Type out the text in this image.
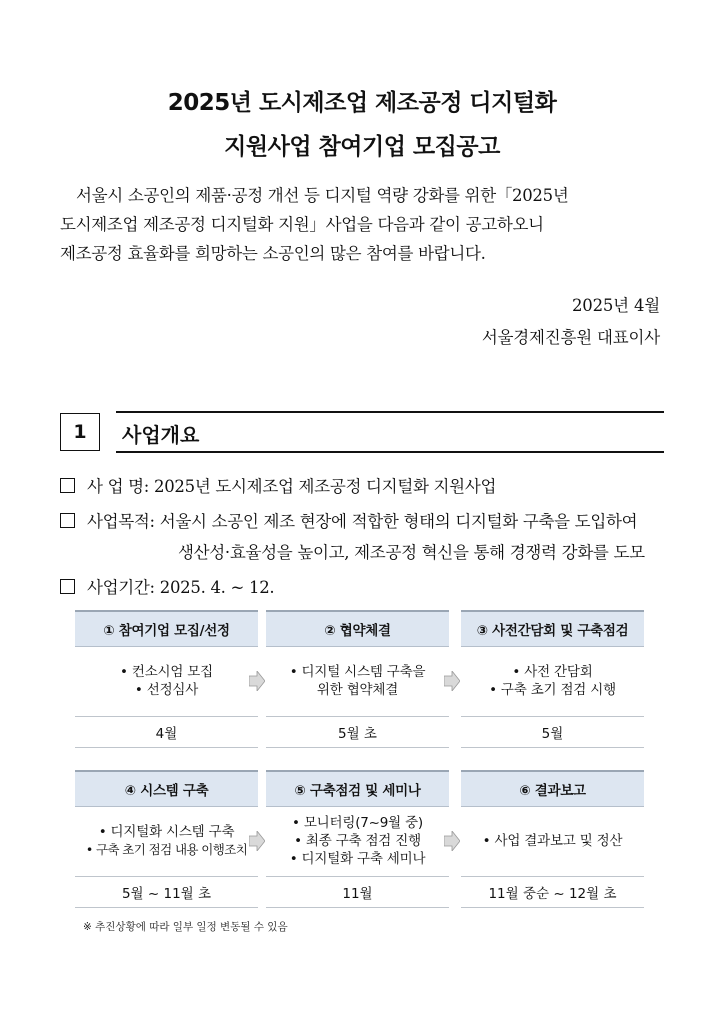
2025년 도시제조업 제조공정 디지털화
지원사업 참여기업 모집공고
서울시 소공인의 제품·공정 개선 등 디지털 역량 강화를 위한「2025년
도시제조업 제조공정 디지털화 지원」사업을 다음과 같이 공고하오니
제조공정 효율화를 희망하는 소공인의 많은 참여를 바랍니다.
2025년 4월
서울경제진흥원 대표이사
1	사업개요
사 업 명: 2025년 도시제조업 제조공정 디지털화 지원사업
사업목적: 서울시 소공인 제조 현장에 적합한 형태의 디지털화 구축을 도입하여
생산성·효율성을 높이고, 제조공정 혁신을 통해 경쟁력 강화를 도모
사업기간: 2025. 4. ~ 12.
① 참여기업 모집/선정
• 컨소시엄 모집
• 선정심사
4월
② 협약체결
• 디지털 시스템 구축을
위한 협약체결
5월 초
③ 사전간담회 및 구축점검
• 사전 간담회
• 구축 초기 점검 시행
5월
④ 시스템 구축
• 디지털화 시스템 구축
• 구축 초기 점검 내용 이행조치
5월 ~ 11월 초
⑤ 구축점검 및 세미나
• 모니터링(7~9월 중)
• 최종 구축 점검 진행
• 디지털화 구축 세미나
11월
⑥ 결과보고
• 사업 결과보고 및 정산
11월 중순 ~ 12월 초
※ 추진상황에 따라 일부 일정 변동될 수 있음
